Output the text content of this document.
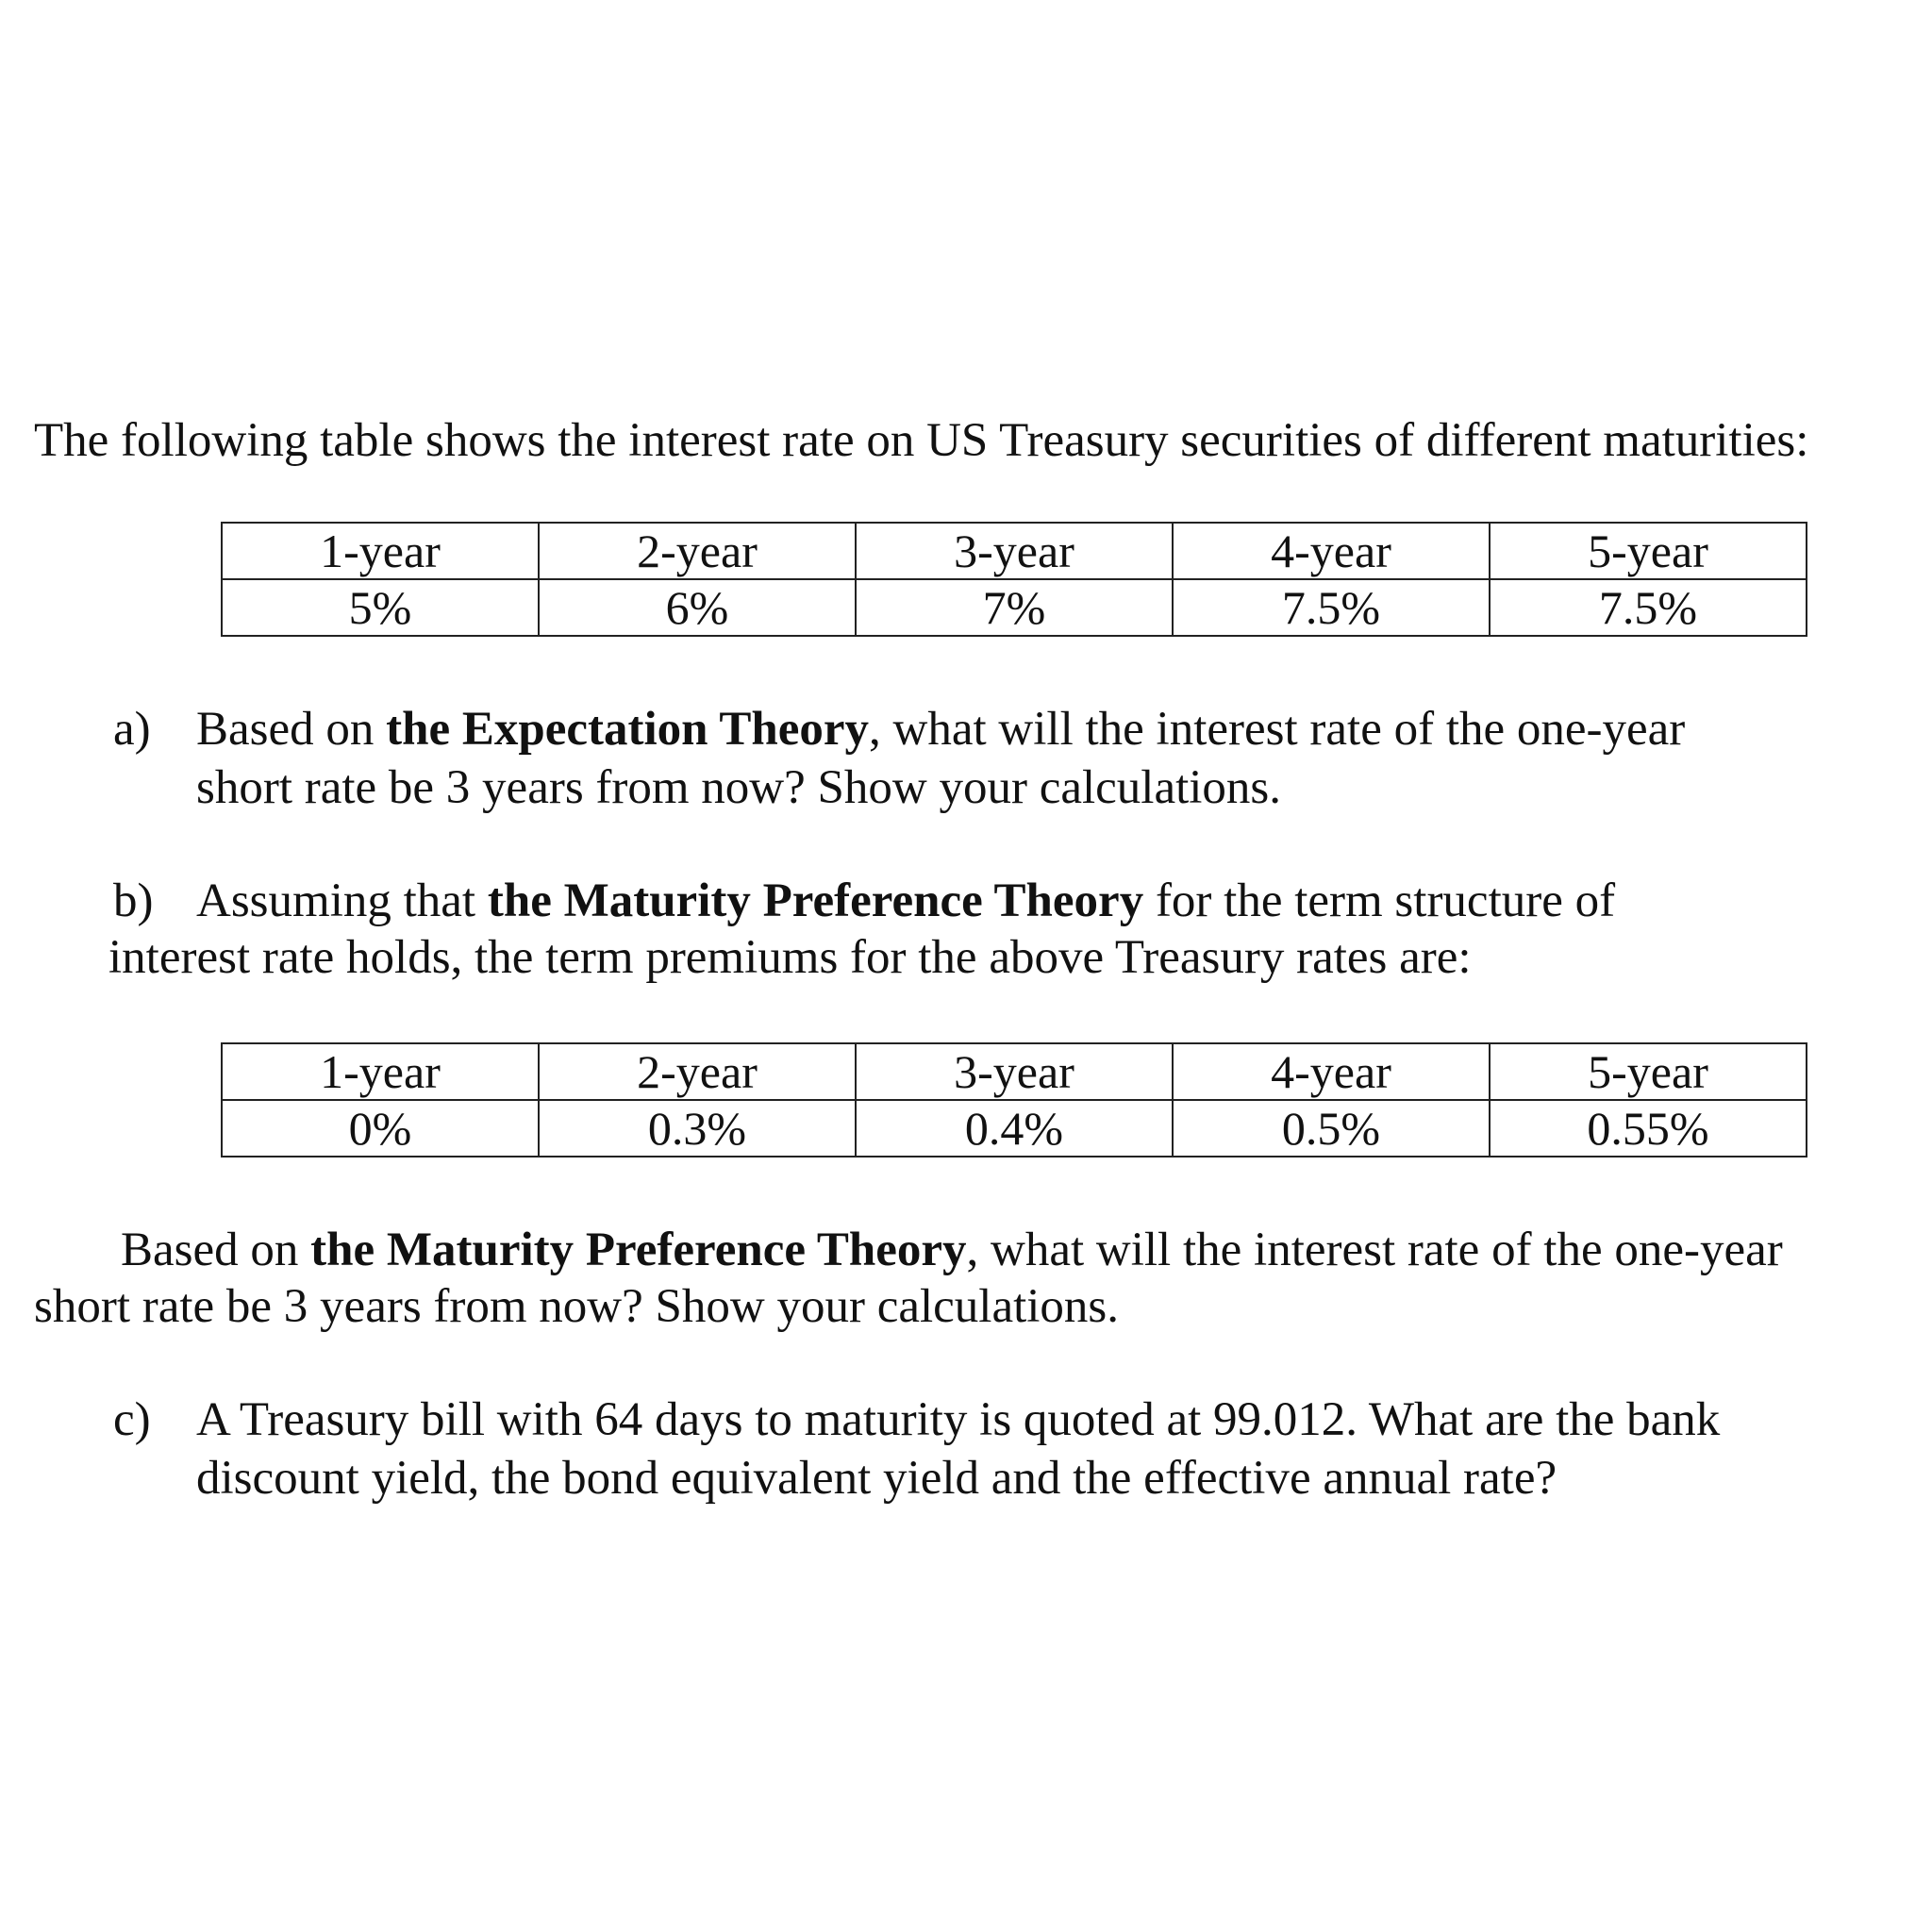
The following table shows the interest rate on US Treasury securities of different maturities:
1-year	2-year	3-year	4-year	5-year
5%	6%	7%	7.5%	7.5%
a) Based on the Expectation Theory, what will the interest rate of the one-year
short rate be 3 years from now? Show your calculations.
b) Assuming that the Maturity Preference Theory for the term structure of
interest rate holds, the term premiums for the above Treasury rates are:
1-year	2-year	3-year	4-year	5-year
0%	0.3%	0.4%	0.5%	0.55%
Based on the Maturity Preference Theory, what will the interest rate of the one-year
short rate be 3 years from now? Show your calculations.
c) A Treasury bill with 64 days to maturity is quoted at 99.012. What are the bank
discount yield, the bond equivalent yield and the effective annual rate?
